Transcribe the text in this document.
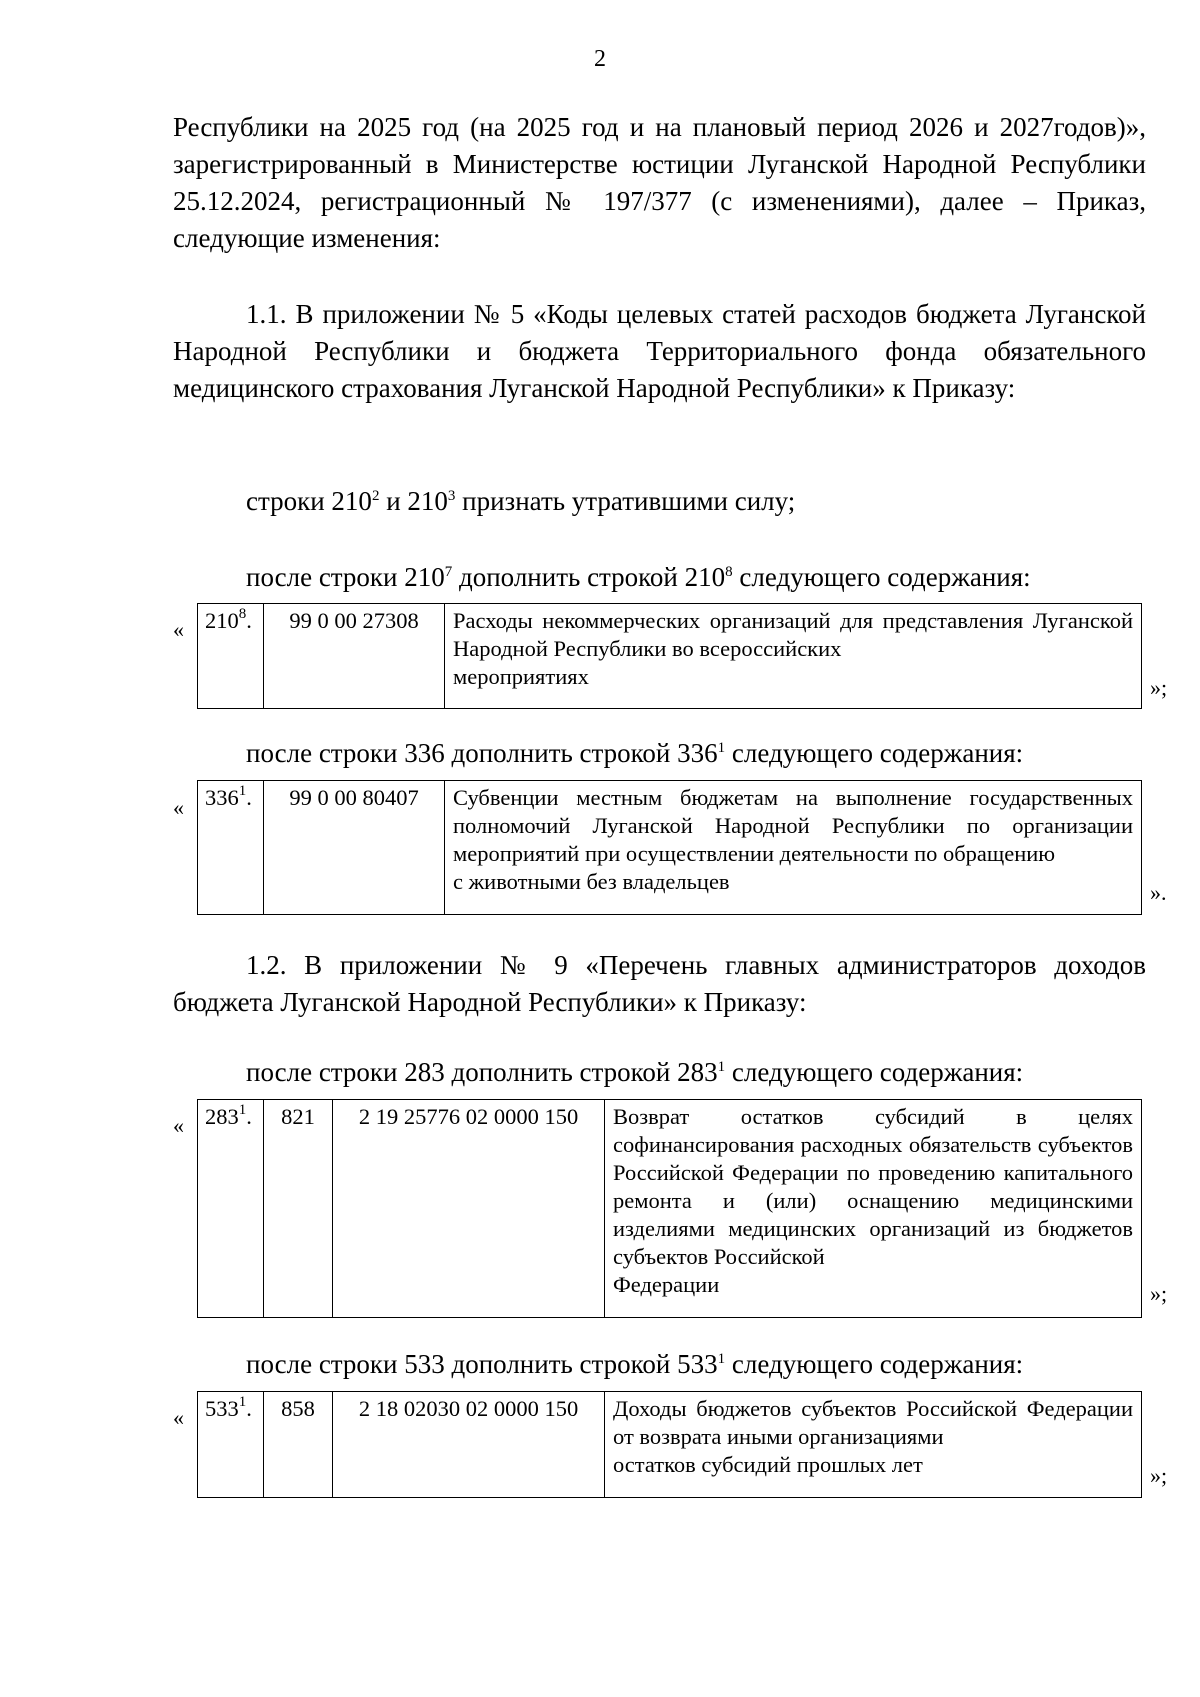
2
Республики на 2025 год (на 2025 год и на плановый период 2026 и 2027годов)», зарегистрированный в Министерстве юстиции Луганской Народной Республики 25.12.2024, регистрационный № 197/377 (с изменениями), далее – Приказ, следующие изменения:
1.1. В приложении № 5 «Коды целевых статей расходов бюджета Луганской Народной Республики и бюджета Территориального фонда обязательного медицинского страхования Луганской Народной Республики» к Приказу:
строки $210^2$ и $210^3$ признать утратившими силу;
после строки $210^7$ дополнить строкой $210^8$ следующего содержания:
« $210^8$.	99 0 00 27308	Расходы некоммерческих организаций для представления Луганской Народной Республики во всероссийских
мероприятиях	»;
после строки 336 дополнить строкой $336^1$ следующего содержания:
« $336^1$.	99 0 00 80407	Субвенции местным бюджетам на выполнение государственных полномочий Луганской Народной Республики по организации мероприятий при осуществлении деятельности по обращению
с животными без владельцев	».
1.2. В приложении № 9 «Перечень главных администраторов доходов бюджета Луганской Народной Республики» к Приказу:
после строки 283 дополнить строкой $283^1$ следующего содержания:
« $283^1$.	821	2 19 25776 02 0000 150	Возврат остатков субсидий в целях софинансирования расходных обязательств субъектов Российской Федерации по проведению капитального ремонта и (или) оснащению медицинскими изделиями медицинских организаций из бюджетов субъектов Российской
Федерации	»;
после строки 533 дополнить строкой $533^1$ следующего содержания:
« $533^1$.	858	2 18 02030 02 0000 150	Доходы бюджетов субъектов Российской Федерации от возврата иными организациями
остатков субсидий прошлых лет	»;
